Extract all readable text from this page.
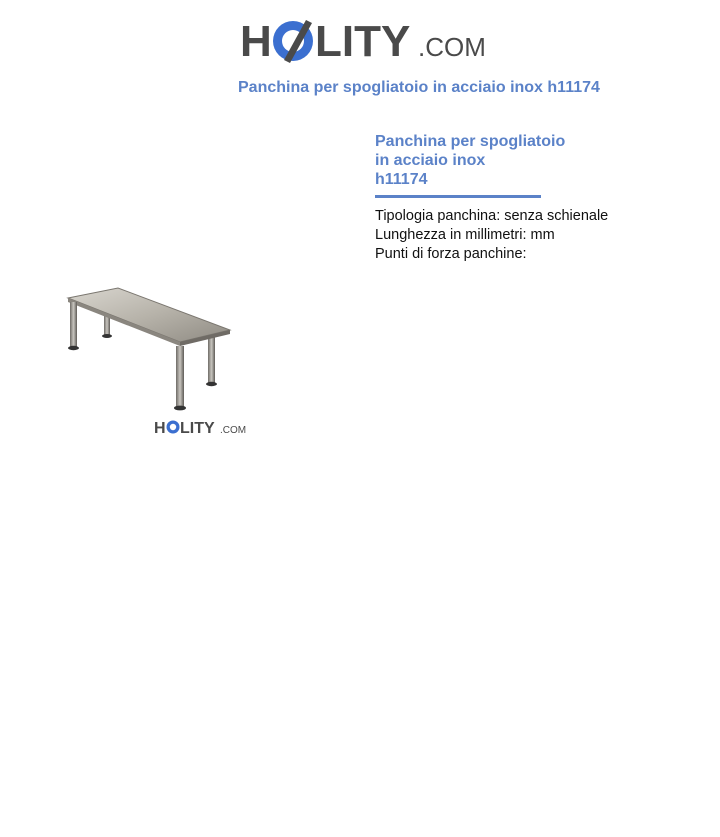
H LITY .COM
Panchina per spogliatoio in acciaio inox h11174
H LITY .COM
Panchina per spogliatoio
in acciaio inox
h11174
Tipologia panchina: senza schienale
Lunghezza in millimetri: mm
Punti di forza panchine:
